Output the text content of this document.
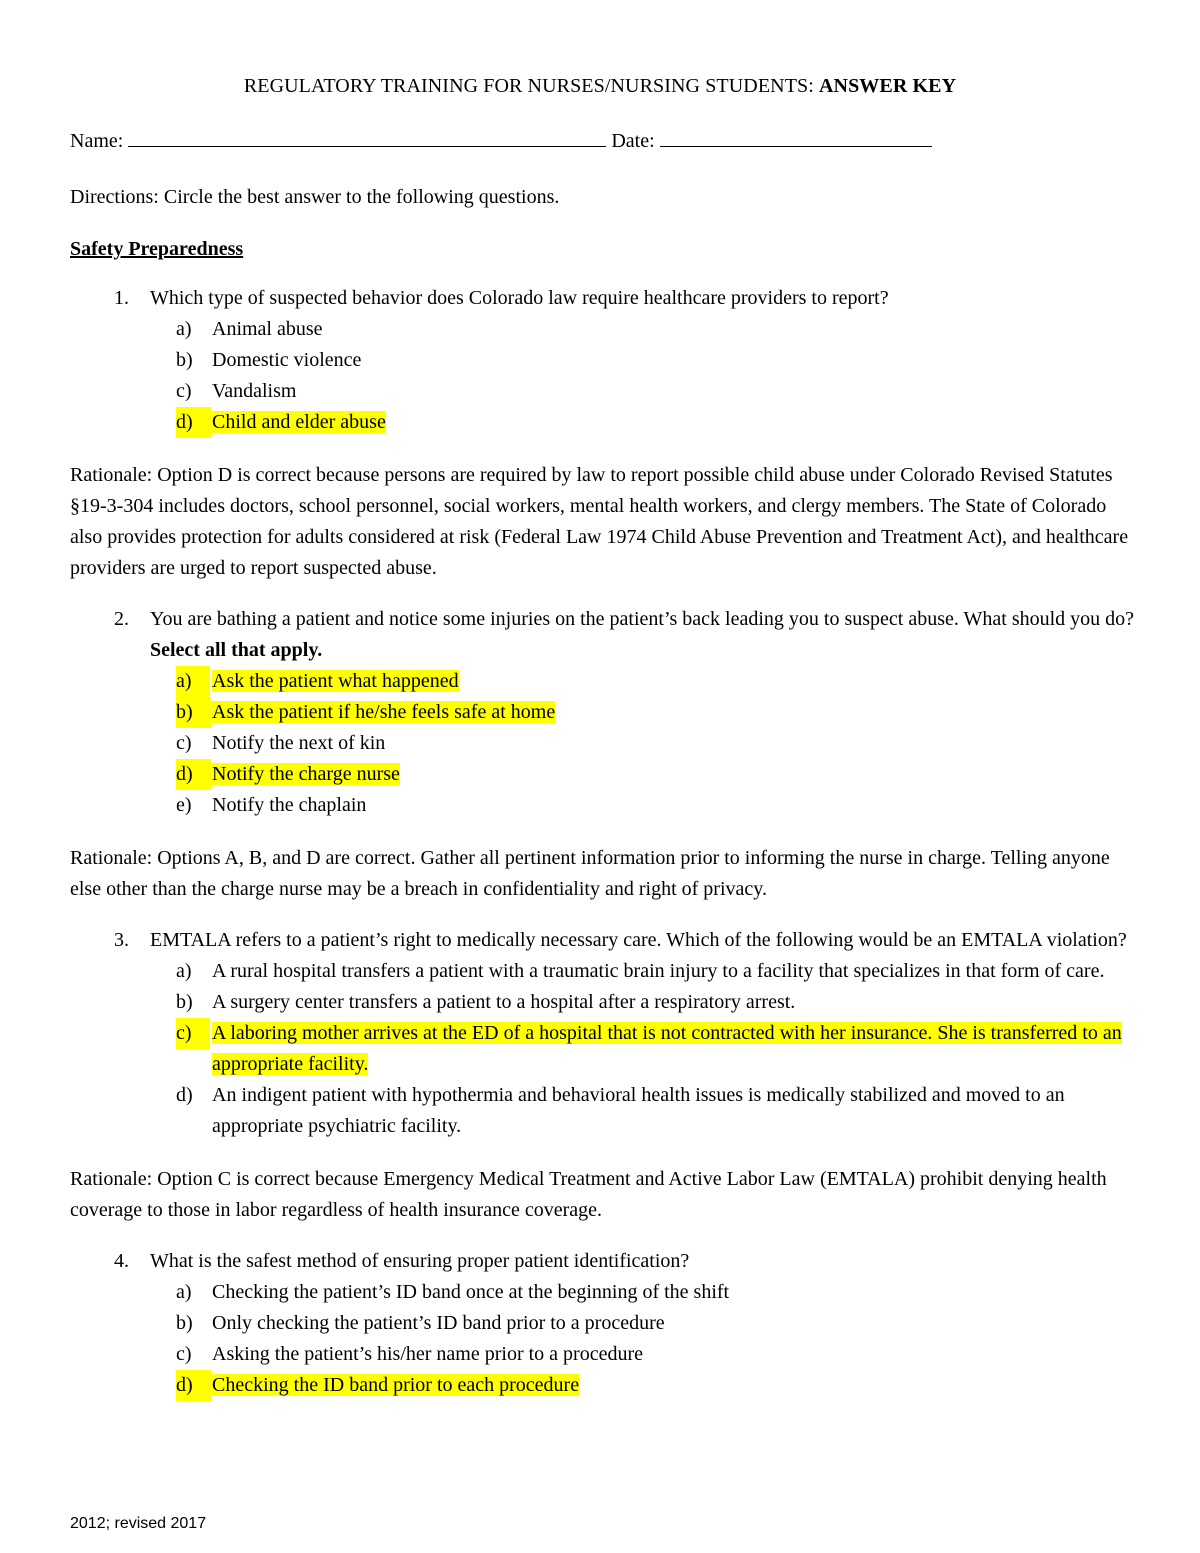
REGULATORY TRAINING FOR NURSES/NURSING STUDENTS: ANSWER KEY
Name:	Date:
Directions: Circle the best answer to the following questions.
Safety Preparedness
1. Which type of suspected behavior does Colorado law require healthcare providers to report?
a) Animal abuse
b) Domestic violence
c) Vandalism
d) Child and elder abuse
Rationale: Option D is correct because persons are required by law to report possible child abuse under Colorado Revised Statutes §19-3-304 includes doctors, school personnel, social workers, mental health workers, and clergy members. The State of Colorado also provides protection for adults considered at risk (Federal Law 1974 Child Abuse Prevention and Treatment Act), and healthcare providers are urged to report suspected abuse.
2. You are bathing a patient and notice some injuries on the patient’s back leading you to suspect abuse. What should you do? Select all that apply.
a)	Ask the patient what happened
b) Ask the patient if he/she feels safe at home
c) Notify the next of kin
d) Notify the charge nurse
e) Notify the chaplain
Rationale: Options A, B, and D are correct. Gather all pertinent information prior to informing the nurse in charge. Telling anyone else other than the charge nurse may be a breach in confidentiality and right of privacy.
3. EMTALA refers to a patient’s right to medically necessary care. Which of the following would be an EMTALA violation?
a) A rural hospital transfers a patient with a traumatic brain injury to a facility that specializes in that form of care.
b) A surgery center transfers a patient to a hospital after a respiratory arrest.
c)	A laboring mother arrives at the ED of a hospital that is not contracted with her insurance. She is transferred to an appropriate facility.
d) An indigent patient with hypothermia and behavioral health issues is medically stabilized and moved to an appropriate psychiatric facility.
Rationale: Option C is correct because Emergency Medical Treatment and Active Labor Law (EMTALA) prohibit denying health coverage to those in labor regardless of health insurance coverage.
4. What is the safest method of ensuring proper patient identification?
a) Checking the patient’s ID band once at the beginning of the shift
b) Only checking the patient’s ID band prior to a procedure
c) Asking the patient’s his/her name prior to a procedure
d) Checking the ID band prior to each procedure
2012; revised 2017
